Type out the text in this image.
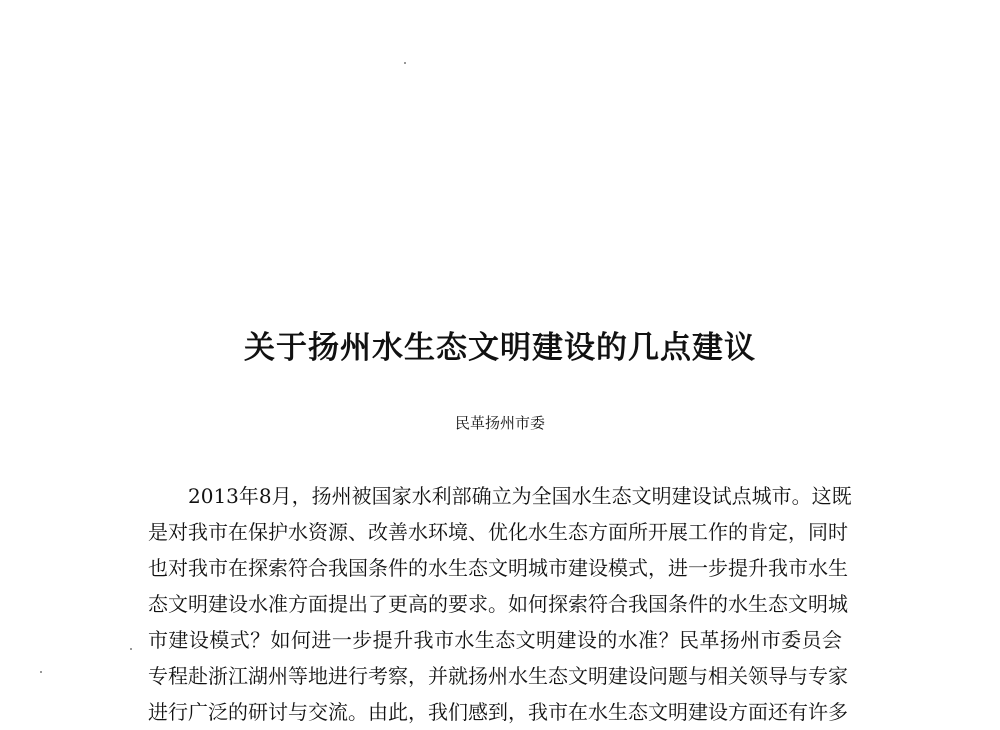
关于扬州水生态文明建设的几点建议

民革扬州市委

2013年8月，扬州被国家水利部确立为全国水生态文明建设试点城市。这既
是对我市在保护水资源、改善水环境、优化水生态方面所开展工作的肯定，同时
也对我市在探索符合我国条件的水生态文明城市建设模式，进一步提升我市水生
态文明建设水准方面提出了更高的要求。如何探索符合我国条件的水生态文明城
市建设模式？如何进一步提升我市水生态文明建设的水准？民革扬州市委员会
专程赴浙江湖州等地进行考察，并就扬州水生态文明建设问题与相关领导与专家
进行广泛的研讨与交流。由此，我们感到，我市在水生态文明建设方面还有许多
